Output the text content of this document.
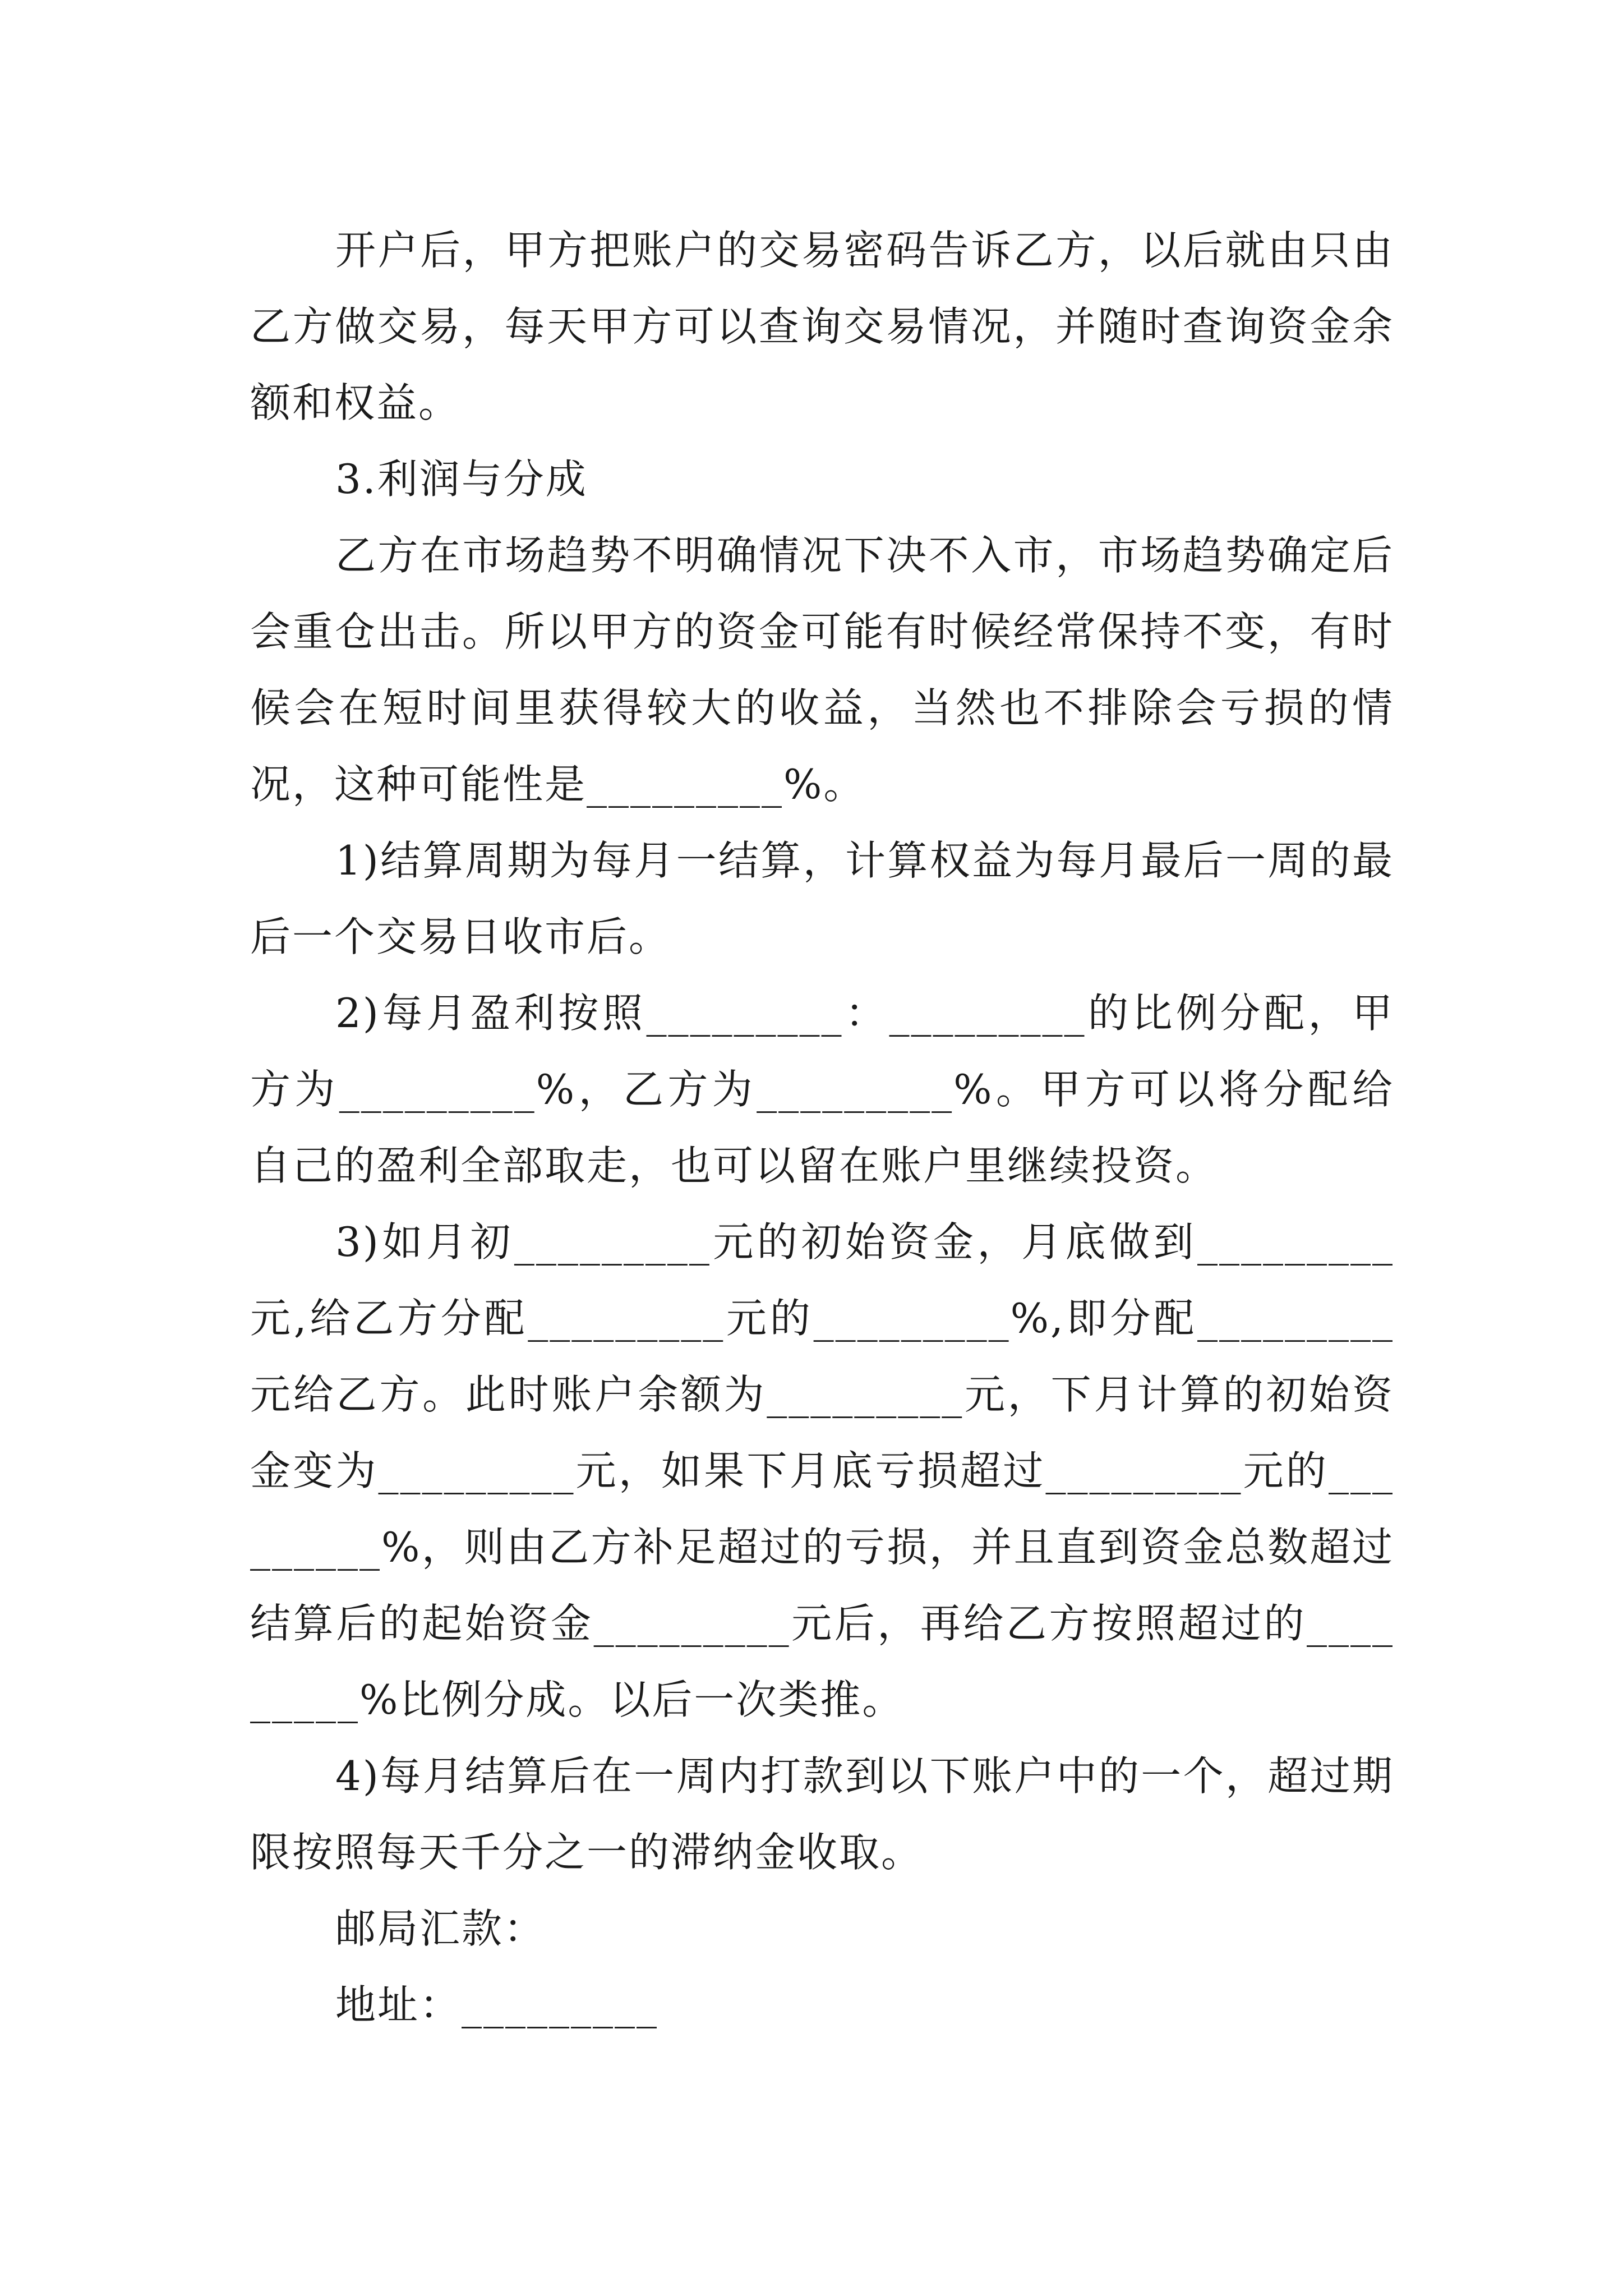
开户后，甲方把账户的交易密码告诉乙方，以后就由只由乙方做交易，每天甲方可以查询交易情况，并随时查询资金余额和权益。

3.利润与分成

乙方在市场趋势不明确情况下决不入市，市场趋势确定后会重仓出击。所以甲方的资金可能有时候经常保持不变，有时候会在短时间里获得较大的收益，当然也不排除会亏损的情况，这种可能性是_________%。

1)结算周期为每月一结算，计算权益为每月最后一周的最后一个交易日收市后。

2)每月盈利按照_________：_________的比例分配，甲方为_________%，乙方为_________%。甲方可以将分配给自己的盈利全部取走，也可以留在账户里继续投资。

3)如月初_________元的初始资金，月底做到_________元,给乙方分配_________元的_________%,即分配_________元给乙方。此时账户余额为_________元，下月计算的初始资金变为_________元，如果下月底亏损超过_________元的_________%，则由乙方补足超过的亏损，并且直到资金总数超过结算后的起始资金_________元后，再给乙方按照超过的_________%比例分成。以后一次类推。

4)每月结算后在一周内打款到以下账户中的一个，超过期限按照每天千分之一的滞纳金收取。

邮局汇款：

地址：_________
